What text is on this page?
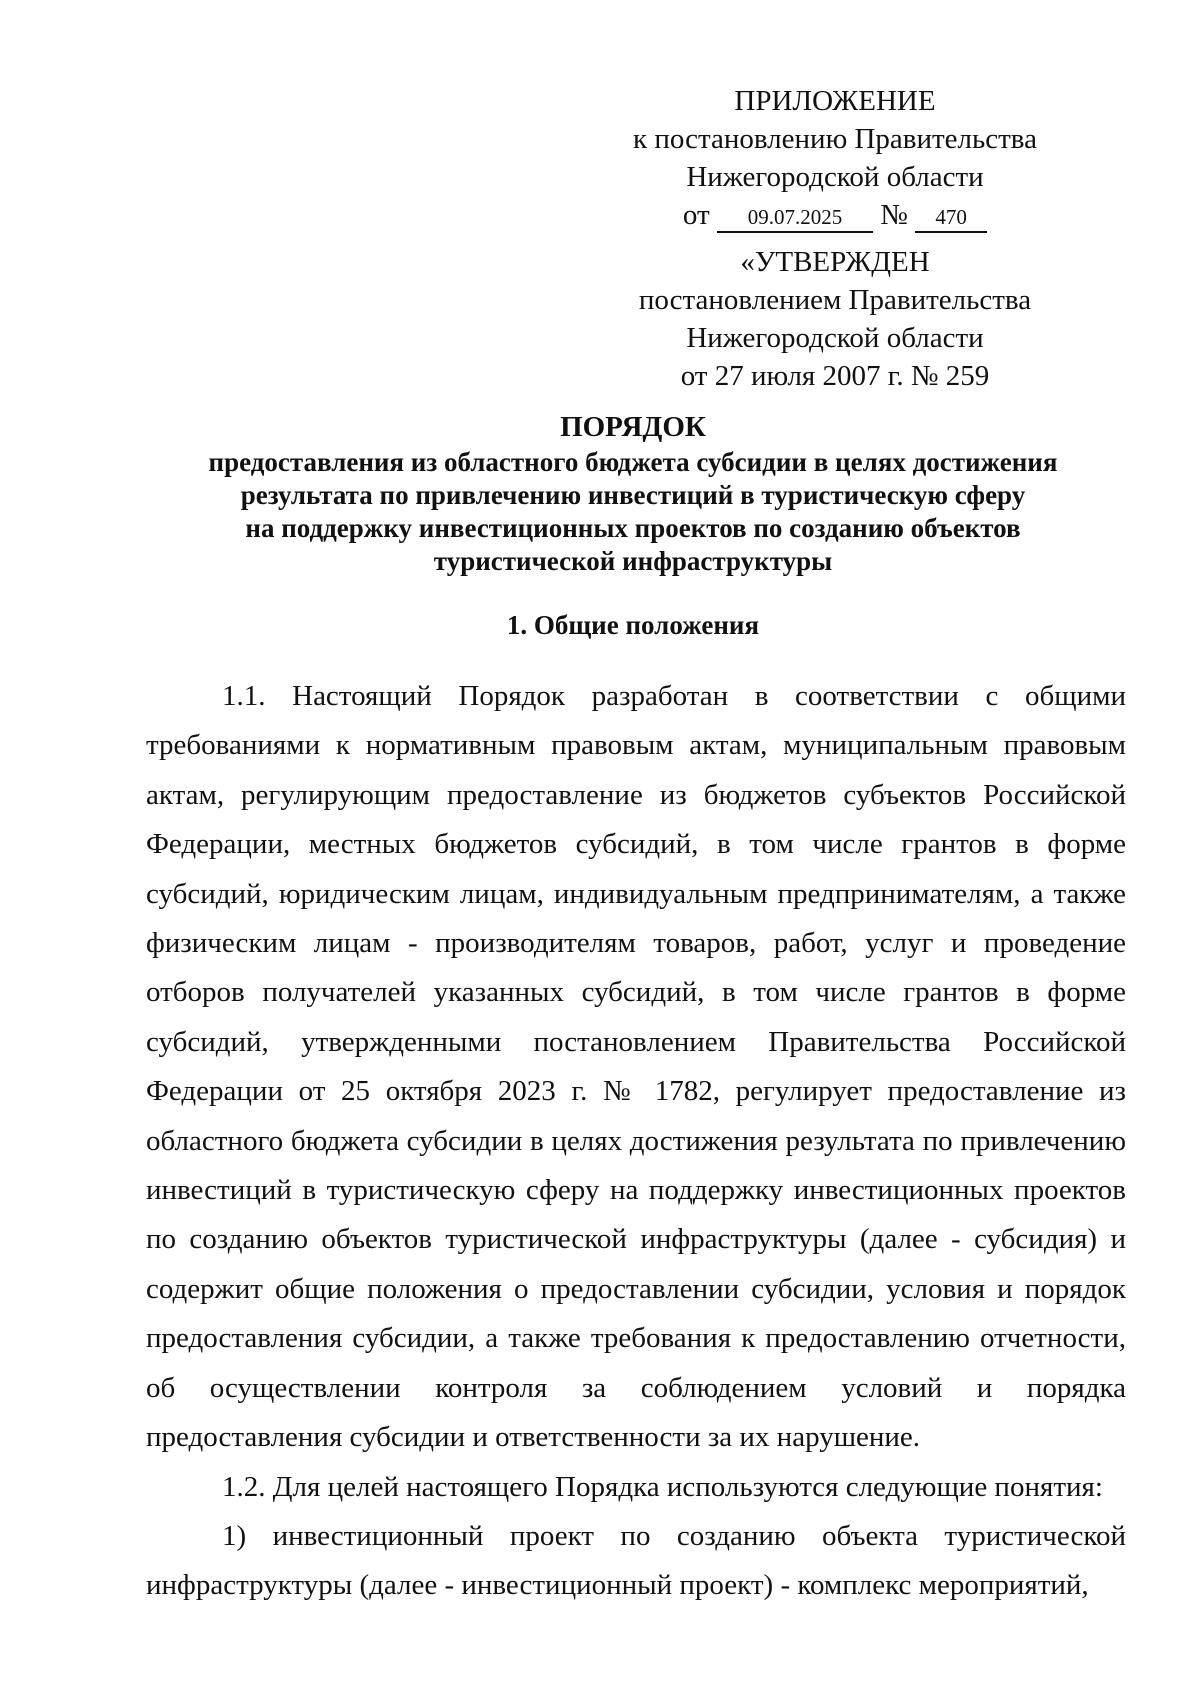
ПРИЛОЖЕНИЕ
к постановлению Правительства
Нижегородской области
от 09.07.2025 № 470
«УТВЕРЖДЕН
постановлением Правительства
Нижегородской области
от 27 июля 2007 г. № 259
ПОРЯДОК
предоставления из областного бюджета субсидии в целях достижения
результата по привлечению инвестиций в туристическую сферу
на поддержку инвестиционных проектов по созданию объектов
туристической инфраструктуры
1. Общие положения

1.1. Настоящий Порядок разработан в соответствии с общими требованиями к нормативным правовым актам, муниципальным правовым актам, регулирующим предоставление из бюджетов субъектов Российской Федерации, местных бюджетов субсидий, в том числе грантов в форме субсидий, юридическим лицам, индивидуальным предпринимателям, а также физическим лицам - производителям товаров, работ, услуг и проведение отборов получателей указанных субсидий, в том числе грантов в форме субсидий, утвержденными постановлением Правительства Российской Федерации от 25 октября 2023 г. № 1782, регулирует предоставление из областного бюджета субсидии в целях достижения результата по привлечению инвестиций в туристическую сферу на поддержку инвестиционных проектов по созданию объектов туристической инфраструктуры (далее - субсидия) и содержит общие положения о предоставлении субсидии, условия и порядок предоставления субсидии, а также требования к предоставлению отчетности, об осуществлении контроля за соблюдением условий и порядка предоставления субсидии и ответственности за их нарушение.

1.2. Для целей настоящего Порядка используются следующие понятия:

1) инвестиционный проект по созданию объекта туристической инфраструктуры (далее - инвестиционный проект) - комплекс мероприятий,
